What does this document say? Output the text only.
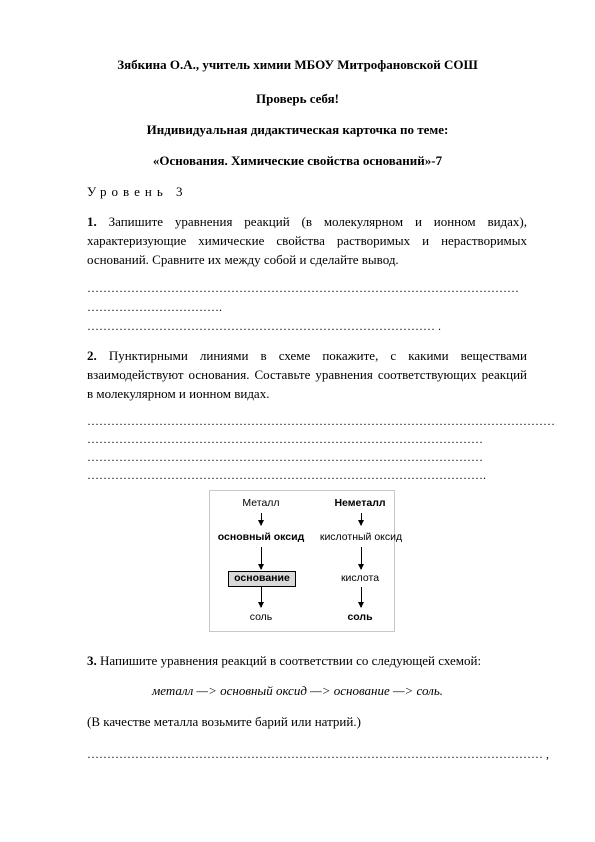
Зябкина О.А., учитель химии МБОУ Митрофановской СОШ
Проверь себя!
Индивидуальная дидактическая карточка по теме:
«Основания. Химические свойства оснований»-7
Уровень 3
1. Запишите уравнения реакций (в молекулярном и ионном видах), характеризующие химические свойства растворимых и нерастворимых оснований. Сравните их между собой и сделайте вывод.
………………………………………………………………………………………………
…………………………….
…………………………………………………………………………… .
2. Пунктирными линиями в схеме покажите, с какими веществами взаимодействуют основания. Составьте уравнения соответствующих реакций в молекулярном и ионном видах.
………………………………………………………………………………………………………
………………………………………………………………………………………
………………………………………………………………………………………
……………………………………………………………………………………….
Металл
основный оксид
основание
соль
Неметалл
кислотный оксид
кислота
соль
3. Напишите уравнения реакций в соответствии со следующей схемой:
металл —> основный оксид —> основание —> соль.
(В качестве металла возьмите барий или натрий.)
…………………………………………………………………………………………………… ,
